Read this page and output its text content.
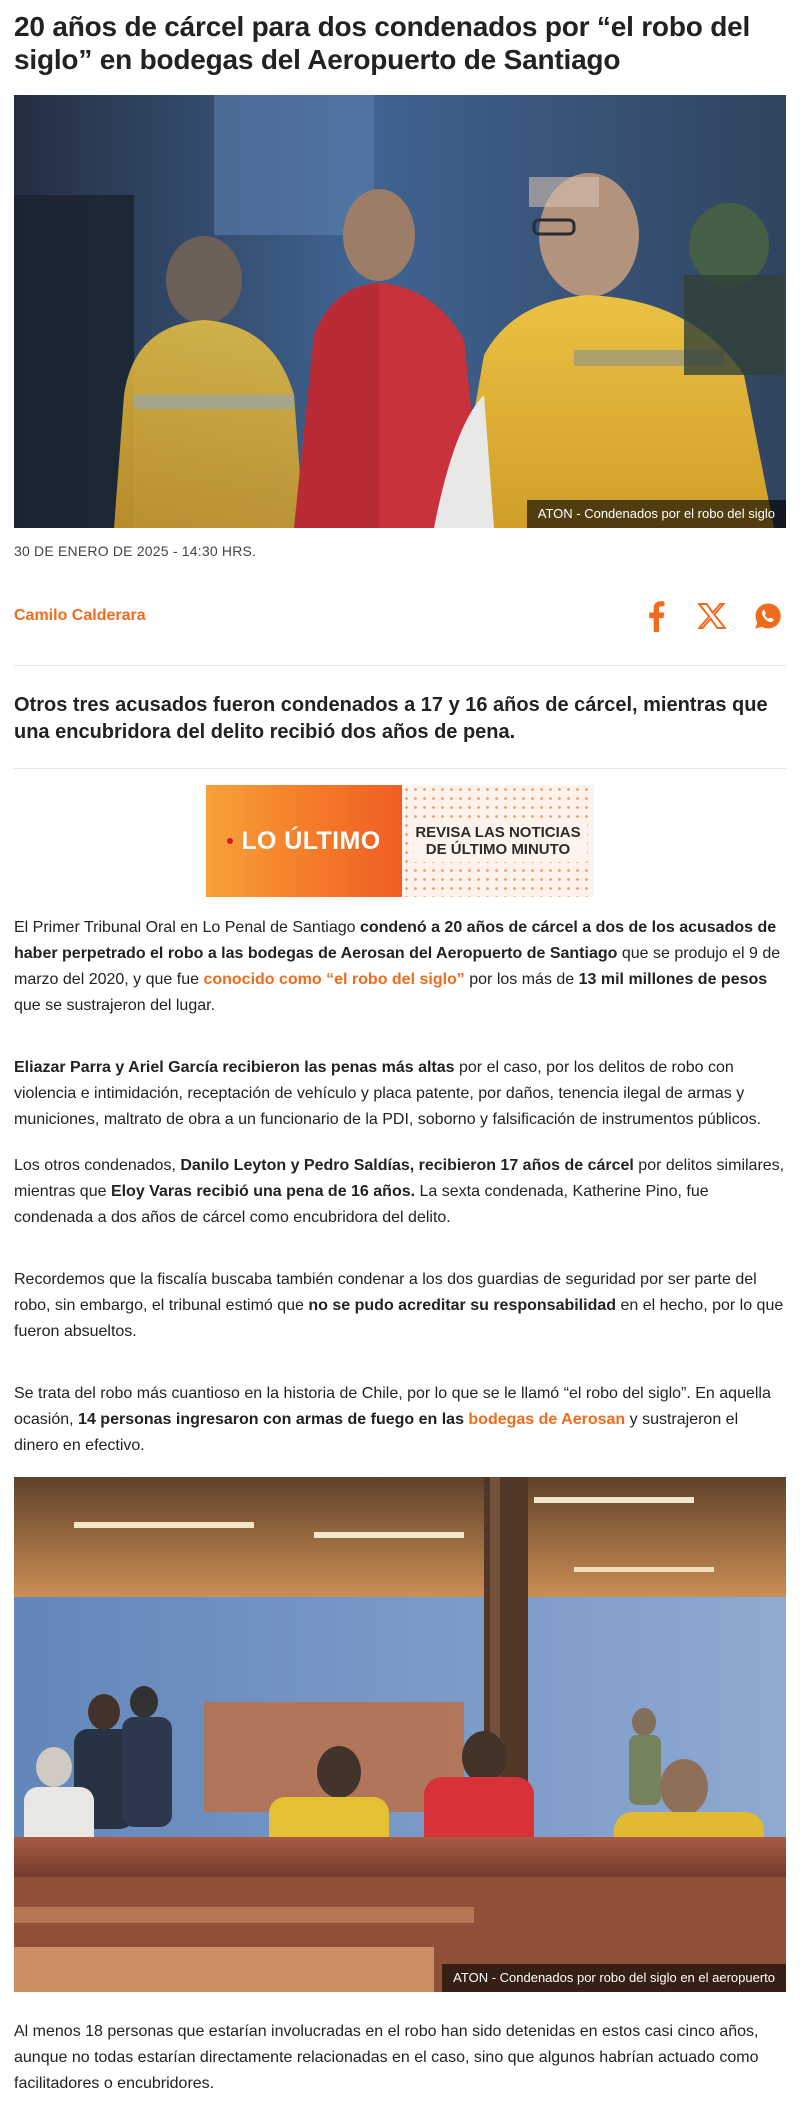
20 años de cárcel para dos condenados por “el robo del siglo” en bodegas del Aeropuerto de Santiago
ATON - Condenados por el robo del siglo
30 DE ENERO DE 2025 - 14:30 HRS.
Camilo Calderara
Otros tres acusados fueron condenados a 17 y 16 años de cárcel, mientras que una encubridora del delito recibió dos años de pena.
LO ÚLTIMO REVISA LAS NOTICIAS
DE ÚLTIMO MINUTO

El Primer Tribunal Oral en Lo Penal de Santiago condenó a 20 años de cárcel a dos de los acusados de haber perpetrado el robo a las bodegas de Aerosan del Aeropuerto de Santiago que se produjo el 9 de marzo del 2020, y que fue conocido como “el robo del siglo” por los más de 13 mil millones de pesos que se sustrajeron del lugar.

Eliazar Parra y Ariel García recibieron las penas más altas por el caso, por los delitos de robo con violencia e intimidación, receptación de vehículo y placa patente, por daños, tenencia ilegal de armas y municiones, maltrato de obra a un funcionario de la PDI, soborno y falsificación de instrumentos públicos.

Los otros condenados, Danilo Leyton y Pedro Saldías, recibieron 17 años de cárcel por delitos similares, mientras que Eloy Varas recibió una pena de 16 años. La sexta condenada, Katherine Pino, fue condenada a dos años de cárcel como encubridora del delito.

Recordemos que la fiscalía buscaba también condenar a los dos guardias de seguridad por ser parte del robo, sin embargo, el tribunal estimó que no se pudo acreditar su responsabilidad en el hecho, por lo que fueron absueltos.

Se trata del robo más cuantioso en la historia de Chile, por lo que se le llamó “el robo del siglo”. En aquella ocasión, 14 personas ingresaron con armas de fuego en las bodegas de Aerosan y sustrajeron el dinero en efectivo.

ATON - Condenados por robo del siglo en el aeropuerto

Al menos 18 personas que estarían involucradas en el robo han sido detenidas en estos casi cinco años, aunque no todas estarían directamente relacionadas en el caso, sino que algunos habrían actuado como facilitadores o encubridores.
